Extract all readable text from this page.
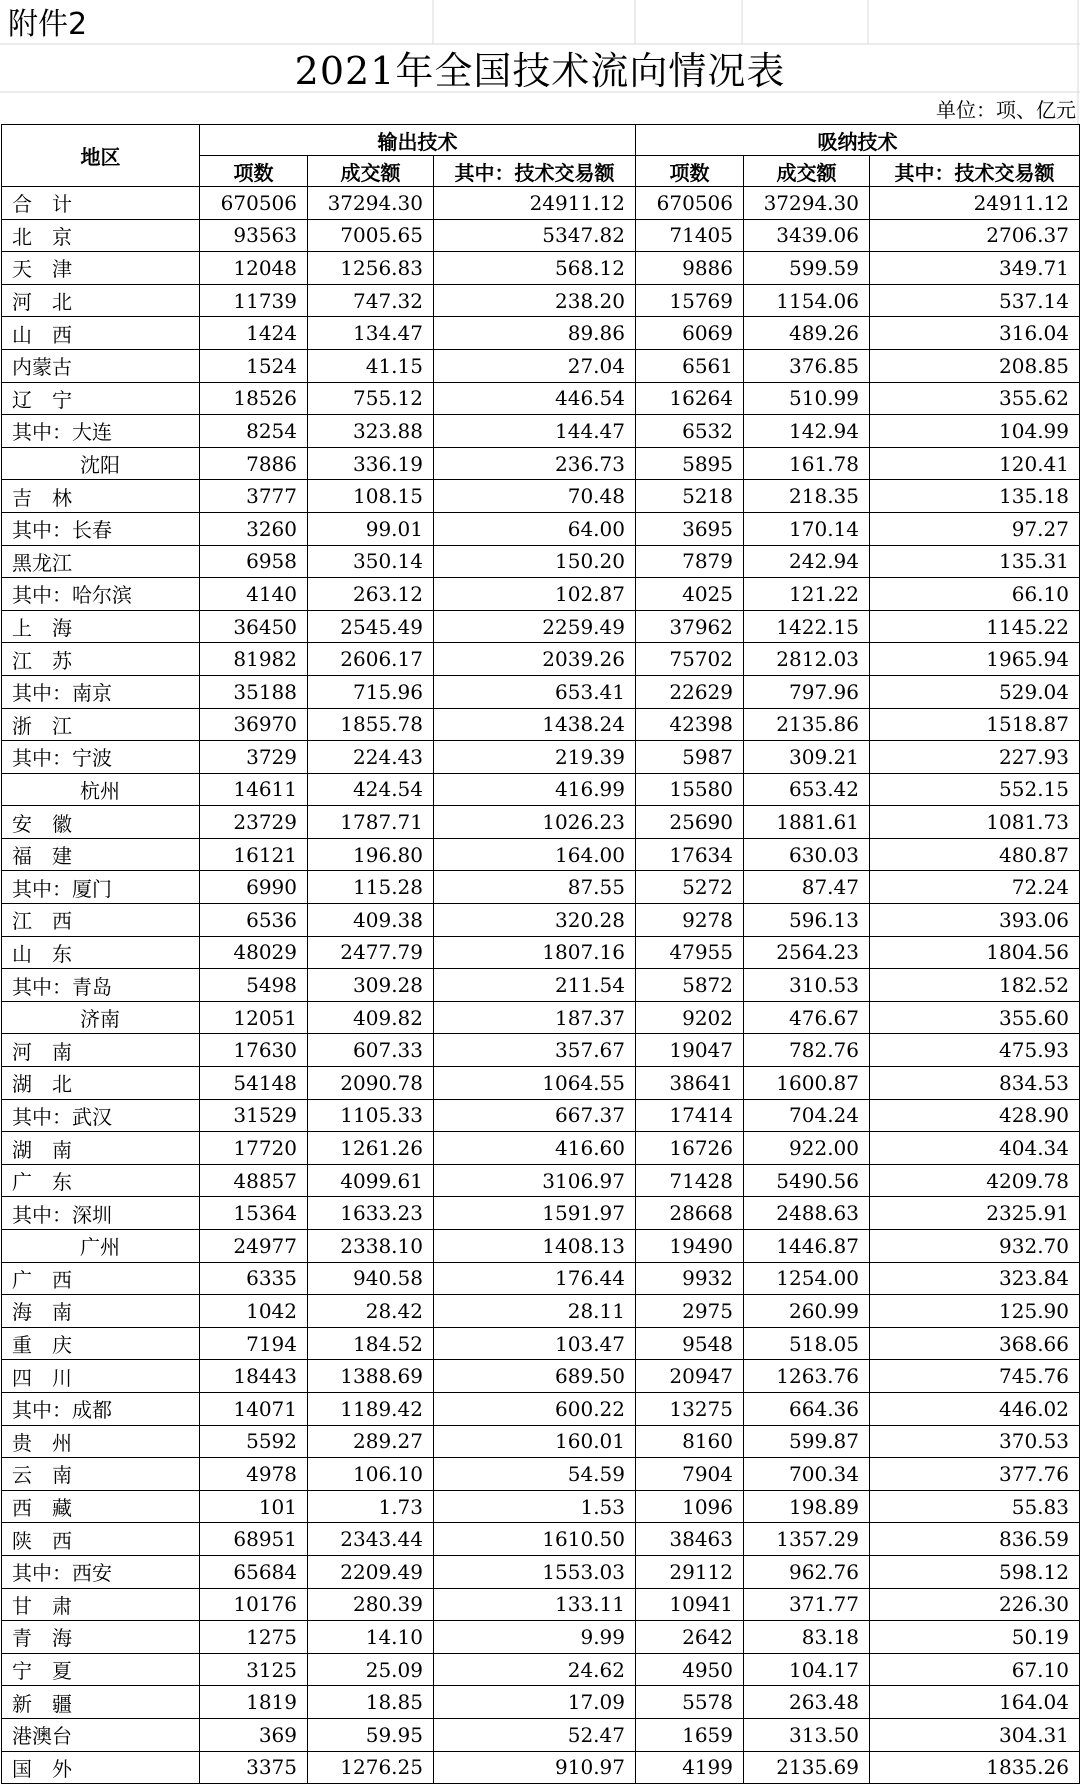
附件2
2021年全国技术流向情况表
单位：项、亿元
地区	输出技术			吸纳技术		
	项数	成交额	其中：技术交易额	项数	成交额	其中：技术交易额
合　计	670506	37294.30	24911.12	670506	37294.30	24911.12
北　京	93563	7005.65	5347.82	71405	3439.06	2706.37
天　津	12048	1256.83	568.12	9886	599.59	349.71
河　北	11739	747.32	238.20	15769	1154.06	537.14
山　西	1424	134.47	89.86	6069	489.26	316.04
内蒙古	1524	41.15	27.04	6561	376.85	208.85
辽　宁	18526	755.12	446.54	16264	510.99	355.62
其中：大连	8254	323.88	144.47	6532	142.94	104.99
沈阳	7886	336.19	236.73	5895	161.78	120.41
吉　林	3777	108.15	70.48	5218	218.35	135.18
其中：长春	3260	99.01	64.00	3695	170.14	97.27
黑龙江	6958	350.14	150.20	7879	242.94	135.31
其中：哈尔滨	4140	263.12	102.87	4025	121.22	66.10
上　海	36450	2545.49	2259.49	37962	1422.15	1145.22
江　苏	81982	2606.17	2039.26	75702	2812.03	1965.94
其中：南京	35188	715.96	653.41	22629	797.96	529.04
浙　江	36970	1855.78	1438.24	42398	2135.86	1518.87
其中：宁波	3729	224.43	219.39	5987	309.21	227.93
杭州	14611	424.54	416.99	15580	653.42	552.15
安　徽	23729	1787.71	1026.23	25690	1881.61	1081.73
福　建	16121	196.80	164.00	17634	630.03	480.87
其中：厦门	6990	115.28	87.55	5272	87.47	72.24
江　西	6536	409.38	320.28	9278	596.13	393.06
山　东	48029	2477.79	1807.16	47955	2564.23	1804.56
其中：青岛	5498	309.28	211.54	5872	310.53	182.52
济南	12051	409.82	187.37	9202	476.67	355.60
河　南	17630	607.33	357.67	19047	782.76	475.93
湖　北	54148	2090.78	1064.55	38641	1600.87	834.53
其中：武汉	31529	1105.33	667.37	17414	704.24	428.90
湖　南	17720	1261.26	416.60	16726	922.00	404.34
广　东	48857	4099.61	3106.97	71428	5490.56	4209.78
其中：深圳	15364	1633.23	1591.97	28668	2488.63	2325.91
广州	24977	2338.10	1408.13	19490	1446.87	932.70
广　西	6335	940.58	176.44	9932	1254.00	323.84
海　南	1042	28.42	28.11	2975	260.99	125.90
重　庆	7194	184.52	103.47	9548	518.05	368.66
四　川	18443	1388.69	689.50	20947	1263.76	745.76
其中：成都	14071	1189.42	600.22	13275	664.36	446.02
贵　州	5592	289.27	160.01	8160	599.87	370.53
云　南	4978	106.10	54.59	7904	700.34	377.76
西　藏	101	1.73	1.53	1096	198.89	55.83
陕　西	68951	2343.44	1610.50	38463	1357.29	836.59
其中：西安	65684	2209.49	1553.03	29112	962.76	598.12
甘　肃	10176	280.39	133.11	10941	371.77	226.30
青　海	1275	14.10	9.99	2642	83.18	50.19
宁　夏	3125	25.09	24.62	4950	104.17	67.10
新　疆	1819	18.85	17.09	5578	263.48	164.04
港澳台	369	59.95	52.47	1659	313.50	304.31
国　外	3375	1276.25	910.97	4199	2135.69	1835.26
